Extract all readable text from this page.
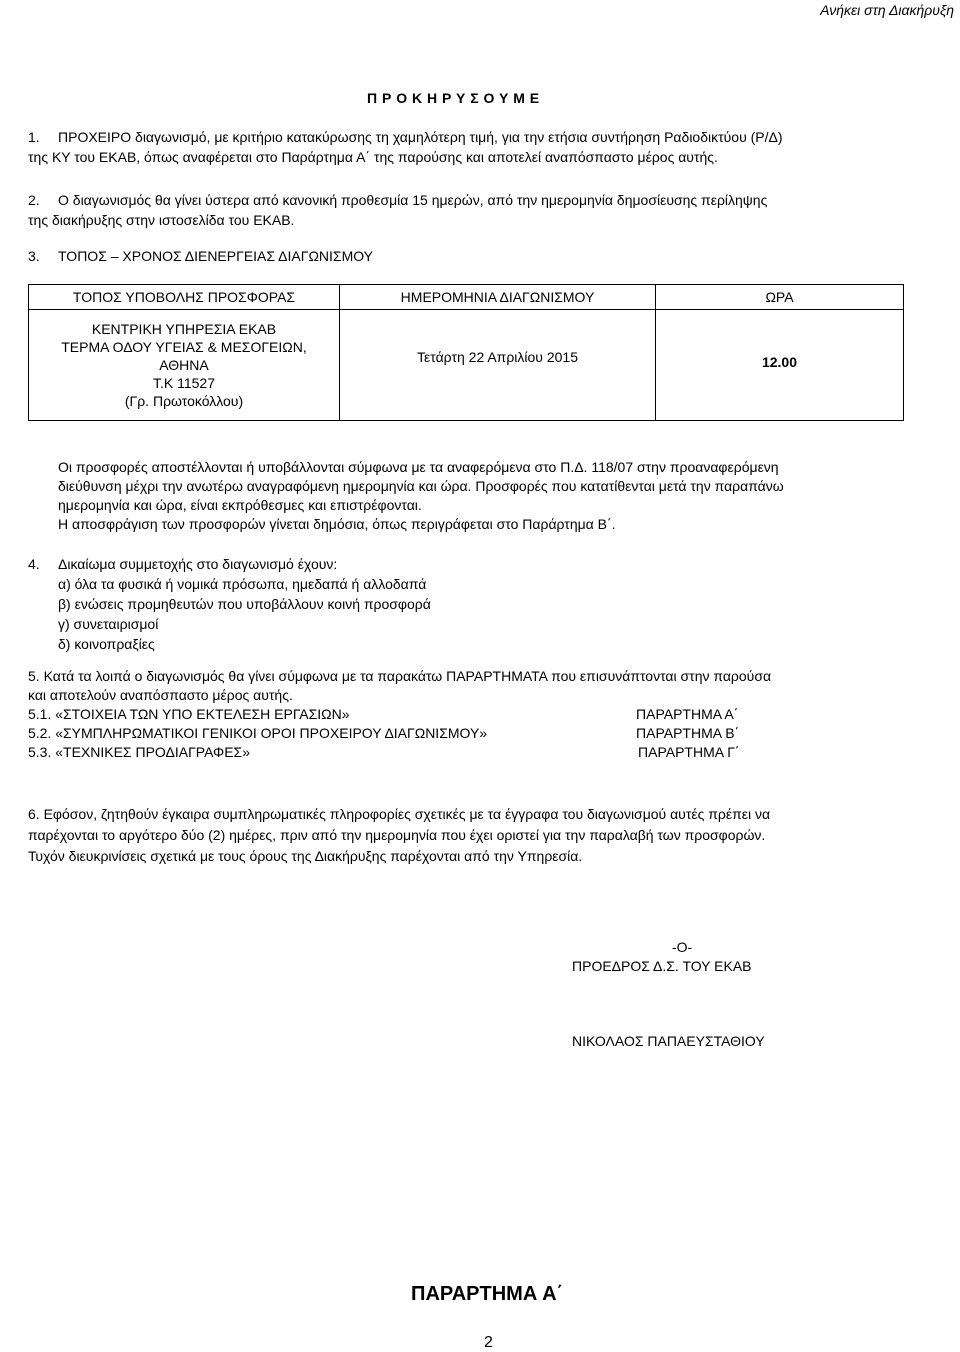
Ανήκει στη Διακήρυξη
Π Ρ Ο Κ Η Ρ Υ Σ Ο Υ Μ Ε
1. ΠΡΟΧΕΙΡΟ διαγωνισμό, με κριτήριο κατακύρωσης τη χαμηλότερη τιμή, για την ετήσια συντήρηση Ραδιοδικτύου (Ρ/Δ)
της ΚΥ του ΕΚΑΒ, όπως αναφέρεται στο Παράρτημα Α΄ της παρούσης και αποτελεί αναπόσπαστο μέρος αυτής.
2. Ο διαγωνισμός θα γίνει ύστερα από κανονική προθεσμία 15 ημερών, από την ημερομηνία δημοσίευσης περίληψης
της διακήρυξης στην ιστοσελίδα του ΕΚΑΒ.
3. ΤΟΠΟΣ – ΧΡΟΝΟΣ ΔΙΕΝΕΡΓΕΙΑΣ ΔΙΑΓΩΝΙΣΜΟΥ
ΤΟΠΟΣ ΥΠΟΒΟΛΗΣ ΠΡΟΣΦΟΡΑΣ	ΗΜΕΡΟΜΗΝΙΑ ΔΙΑΓΩΝΙΣΜΟΥ	ΩΡΑ

ΚΕΝΤΡΙΚΗ ΥΠΗΡΕΣΙΑ ΕΚΑΒ
ΤΕΡΜΑ ΟΔΟΥ ΥΓΕΙΑΣ & ΜΕΣΟΓΕΙΩΝ,
ΑΘΗΝΑ
Τ.Κ 11527
(Γρ. Πρωτοκόλλου)	Τετάρτη 22 Απριλίου 2015	12.00
Οι προσφορές αποστέλλονται ή υποβάλλονται σύμφωνα με τα αναφερόμενα στο Π.Δ. 118/07 στην προαναφερόμενη
διεύθυνση μέχρι την ανωτέρω αναγραφόμενη ημερομηνία και ώρα. Προσφορές που κατατίθενται μετά την παραπάνω
ημερομηνία και ώρα, είναι εκπρόθεσμες και επιστρέφονται.
Η αποσφράγιση των προσφορών γίνεται δημόσια, όπως περιγράφεται στο Παράρτημα Β΄.
4. Δικαίωμα συμμετοχής στο διαγωνισμό έχουν:
α) όλα τα φυσικά ή νομικά πρόσωπα, ημεδαπά ή αλλοδαπά
β) ενώσεις προμηθευτών που υποβάλλουν κοινή προσφορά
γ) συνεταιρισμοί
δ) κοινοπραξίες
5. Κατά τα λοιπά ο διαγωνισμός θα γίνει σύμφωνα με τα παρακάτω ΠΑΡΑΡΤΗΜΑΤΑ που επισυνάπτονται στην παρούσα
και αποτελούν αναπόσπαστο μέρος αυτής.
5.1. «ΣΤΟΙΧΕΙΑ ΤΩΝ ΥΠΟ ΕΚΤΕΛΕΣΗ ΕΡΓΑΣΙΩΝ»	ΠΑΡΑΡΤΗΜΑ Α΄
5.2. «ΣΥΜΠΛΗΡΩΜΑΤΙΚΟΙ ΓΕΝΙΚΟΙ ΟΡΟΙ ΠΡΟΧΕΙΡΟΥ ΔΙΑΓΩΝΙΣΜΟΥ»	ΠΑΡΑΡΤΗΜΑ Β΄
5.3. «ΤΕΧΝΙΚΕΣ ΠΡΟΔΙΑΓΡΑΦΕΣ»	ΠΑΡΑΡΤΗΜΑ Γ΄
6. Εφόσον, ζητηθούν έγκαιρα συμπληρωματικές πληροφορίες σχετικές με τα έγγραφα του διαγωνισμού αυτές πρέπει να
παρέχονται το αργότερο δύο (2) ημέρες, πριν από την ημερομηνία που έχει οριστεί για την παραλαβή των προσφορών.
Τυχόν διευκρινίσεις σχετικά με τους όρους της Διακήρυξης παρέχονται από την Υπηρεσία.
-Ο-
ΠΡΟΕΔΡΟΣ Δ.Σ. ΤΟΥ ΕΚΑΒ
ΝΙΚΟΛΑΟΣ ΠΑΠΑΕΥΣΤΑΘΙΟΥ
ΠΑΡΑΡΤΗΜΑ Α΄
2
